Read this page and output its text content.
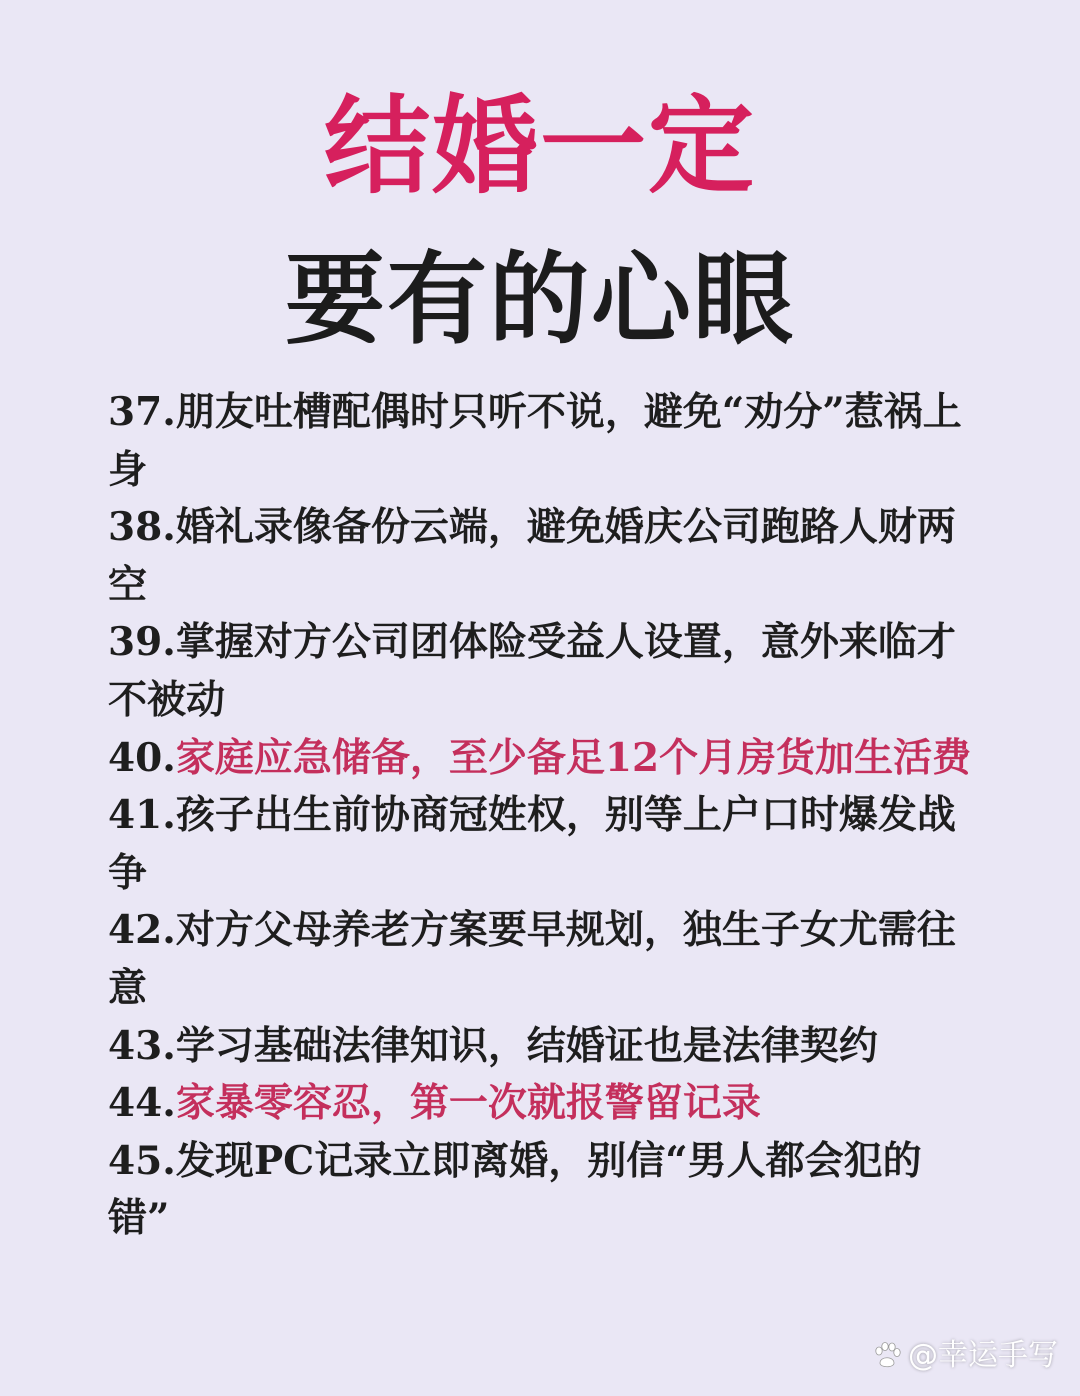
结婚一定
要有的心眼
37.朋友吐槽配偶时只听不说，避免“劝分”惹祸上身
38.婚礼录像备份云端，避免婚庆公司跑路人财两空
39.掌握对方公司团体险受益人设置，意外来临才不被动
40.家庭应急储备，至少备足12个月房货加生活费
41.孩子出生前协商冠姓权，别等上户口时爆发战争
42.对方父母养老方案要早规划，独生子女尤需往意
43.学习基础法律知识，结婚证也是法律契约
44.家暴零容忍，第一次就报警留记录
45.发现PC记录立即离婚，别信“男人都会犯的错”
@幸运手写
